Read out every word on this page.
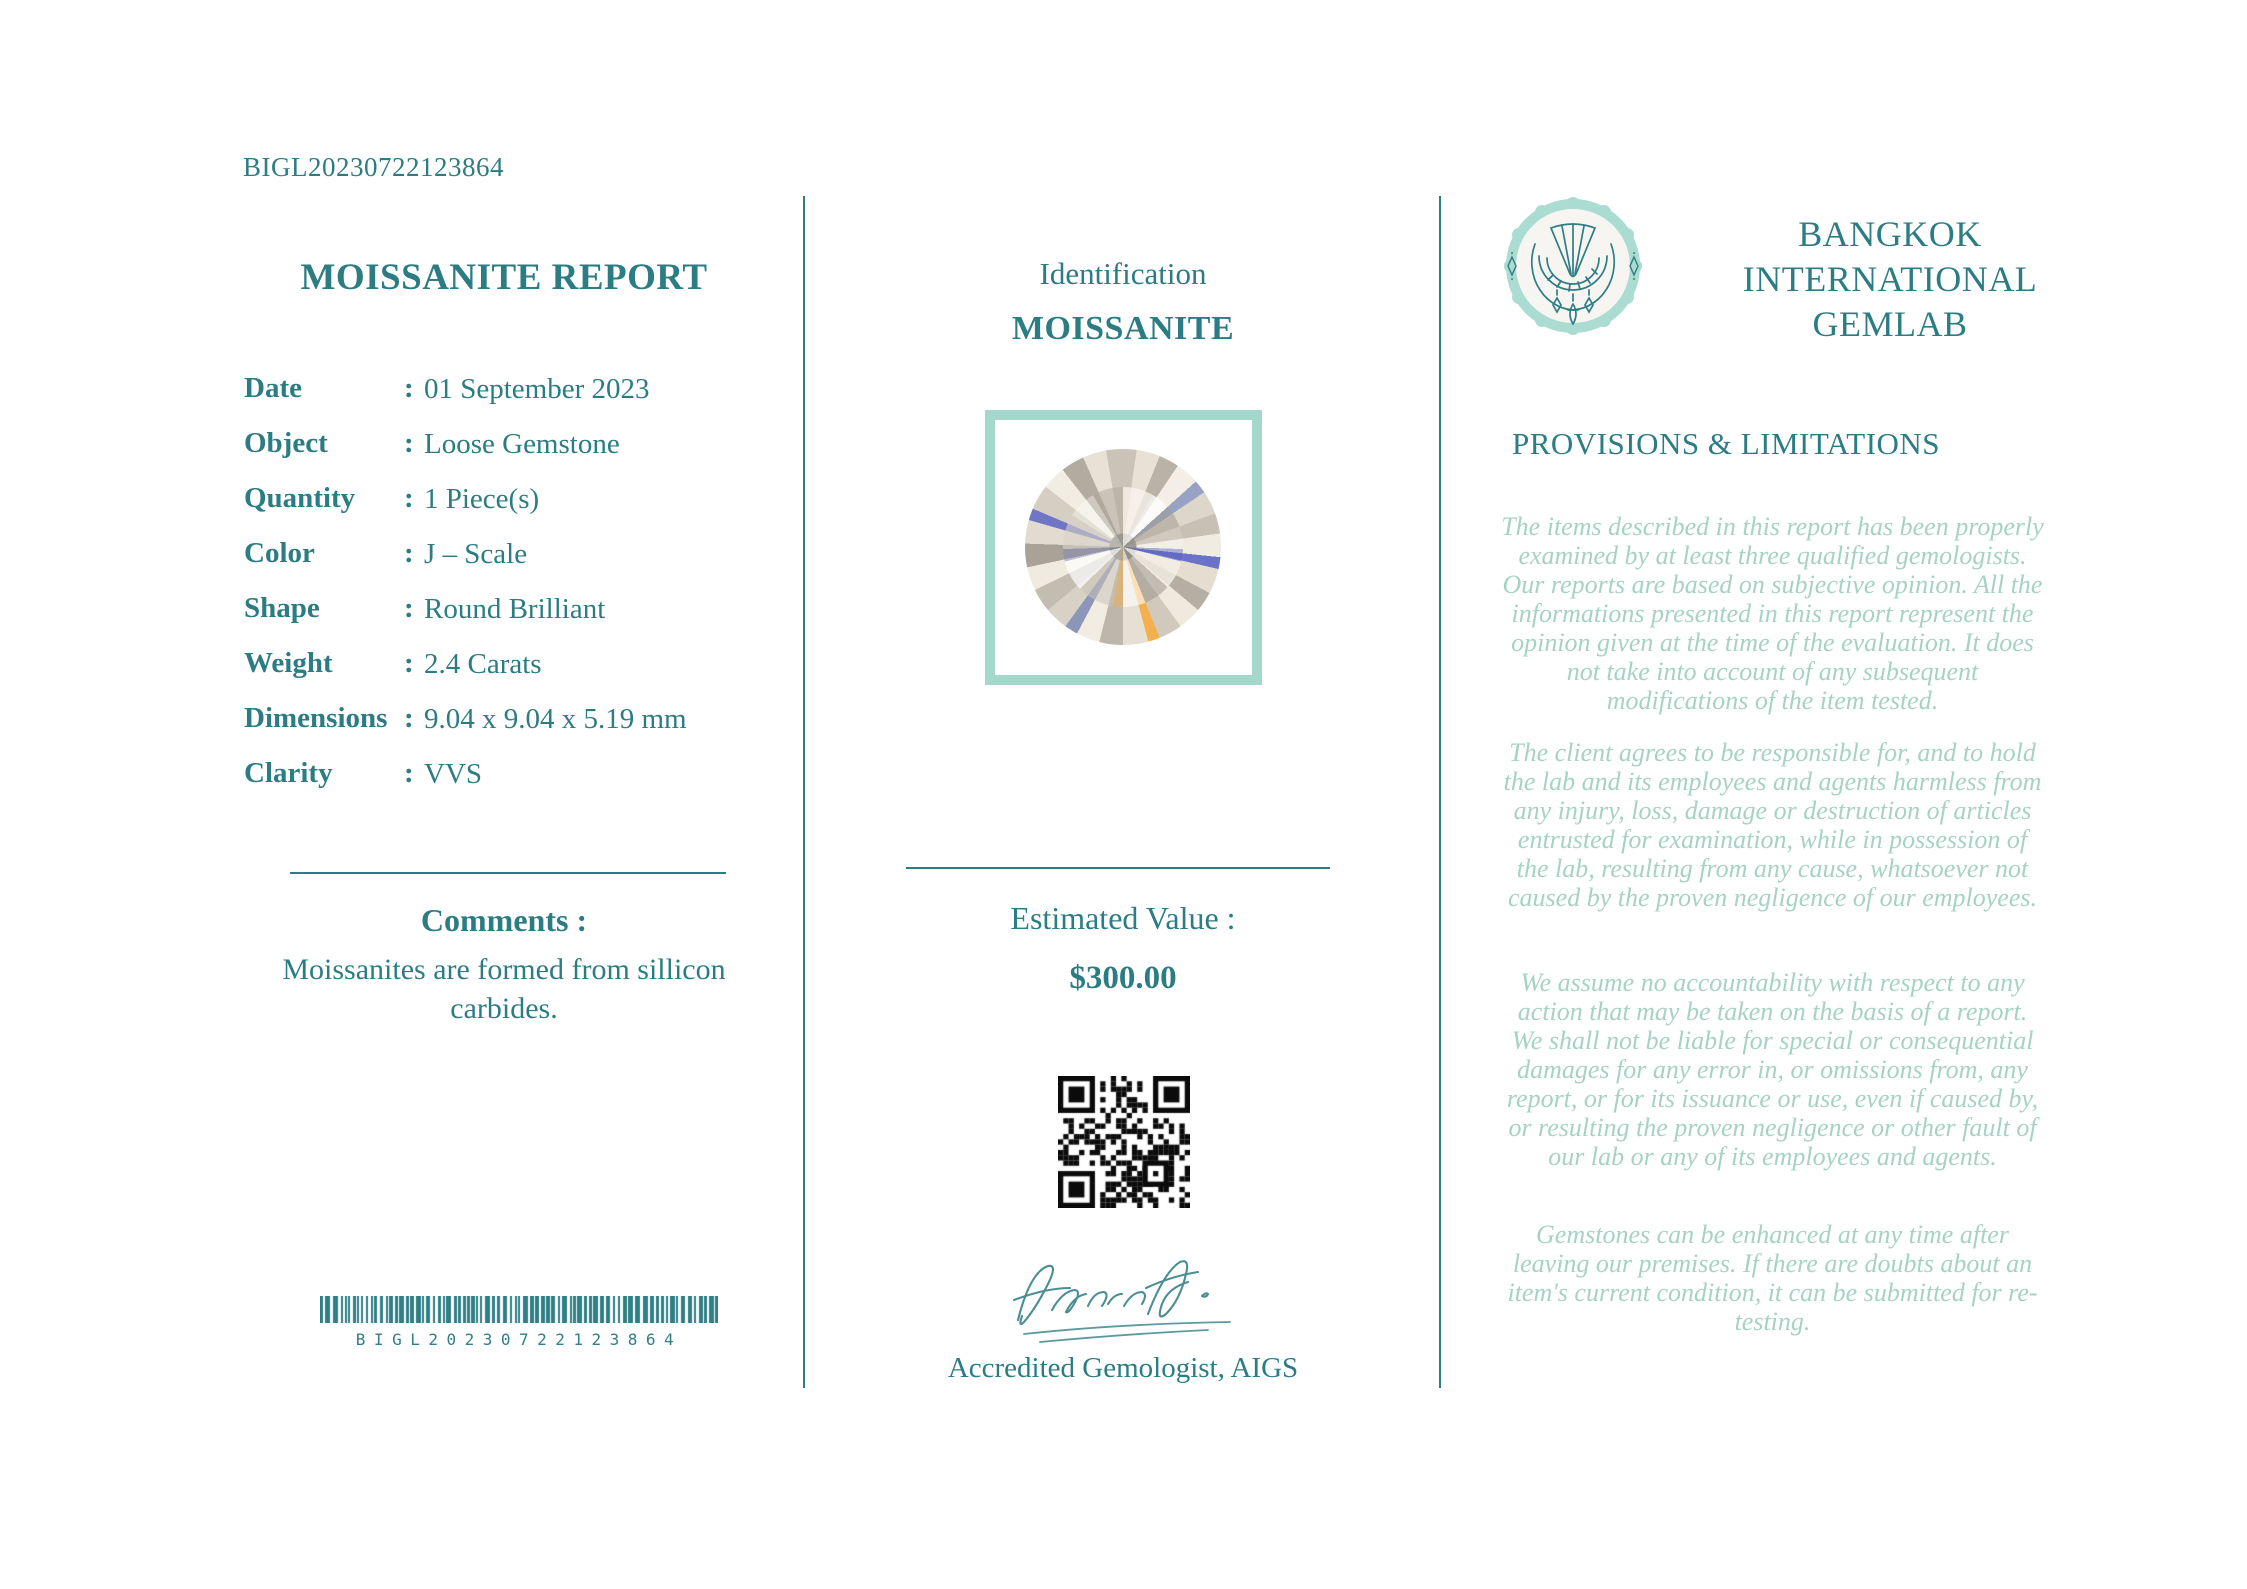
BIGL20230722123864
MOISSANITE REPORT
Date	: 01 September 2023
Object	: Loose Gemstone
Quantity : 1 Piece(s)
Color	: J – Scale
Shape	: Round Brilliant
Weight : 2.4 Carats
Dimensions : 9.04 x 9.04 x 5.19 mm
Clarity : VVS
Comments :
Moissanites are formed from sillicon carbides.
BIGL20230722123864
Identification
MOISSANITE
Estimated Value :
$300.00
Accredited Gemologist, AIGS
BANGKOK
INTERNATIONAL
GEMLAB
PROVISIONS & LIMITATIONS
The items described in this report has been properly examined by at least three qualified gemologists. Our reports are based on subjective opinion. All the informations presented in this report represent the opinion given at the time of the evaluation. It does not take into account of any subsequent modifications of the item tested.
The client agrees to be responsible for, and to hold the lab and its employees and agents harmless from any injury, loss, damage or destruction of articles entrusted for examination, while in possession of the lab, resulting from any cause, whatsoever not caused by the proven negligence of our employees.
We assume no accountability with respect to any action that may be taken on the basis of a report. We shall not be liable for special or consequential damages for any error in, or omissions from, any report, or for its issuance or use, even if caused by, or resulting the proven negligence or other fault of our lab or any of its employees and agents.
Gemstones can be enhanced at any time after leaving our premises. If there are doubts about an item's current condition, it can be submitted for re-testing.
